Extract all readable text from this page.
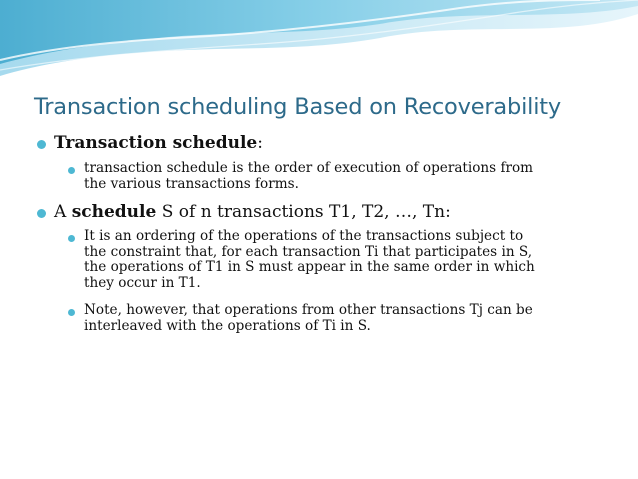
Transaction scheduling Based on Recoverability
Transaction schedule:
transaction schedule is the order of execution of operations from
the various transactions forms.
A schedule S of n transactions T1, T2, …, Tn:
It is an ordering of the operations of the transactions subject to
the constraint that, for each transaction Ti that participates in S,
the operations of T1 in S must appear in the same order in which
they occur in T1.
Note, however, that operations from other transactions Tj can be
interleaved with the operations of Ti in S.
